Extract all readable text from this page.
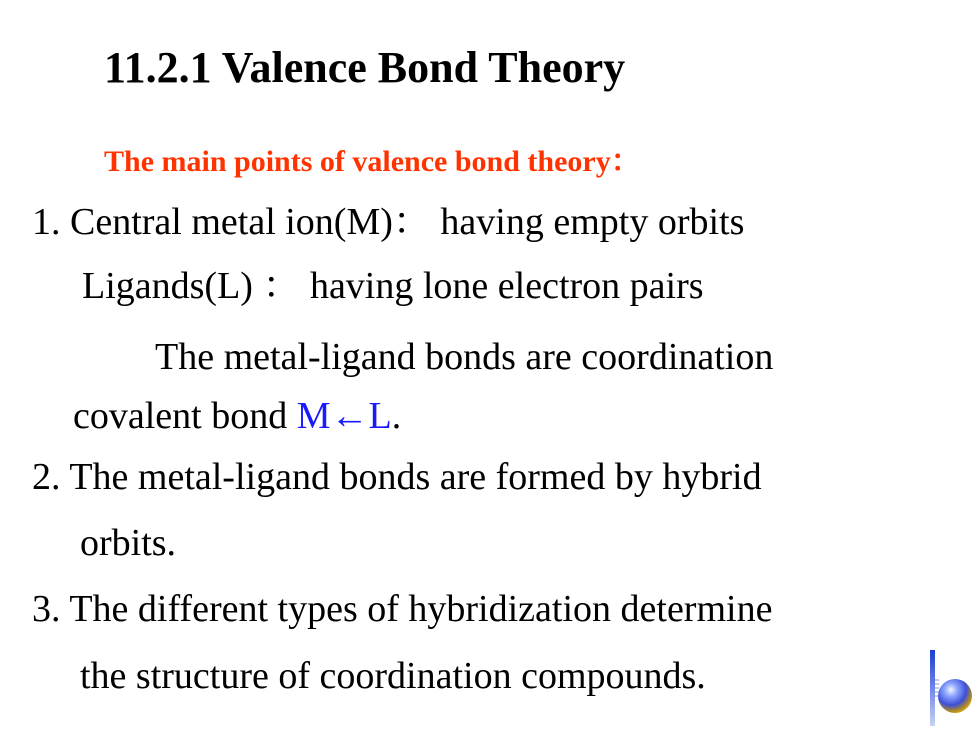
11.2.1 Valence Bond Theory
The main points of valence bond theory：
1. Central metal ion(M)： having empty orbits
Ligands(L) ： having lone electron pairs
The metal-ligand bonds are coordination
covalent bond M←L.
2. The metal-ligand bonds are formed by hybrid
orbits.
3. The different types of hybridization determine
the structure of coordination compounds.
